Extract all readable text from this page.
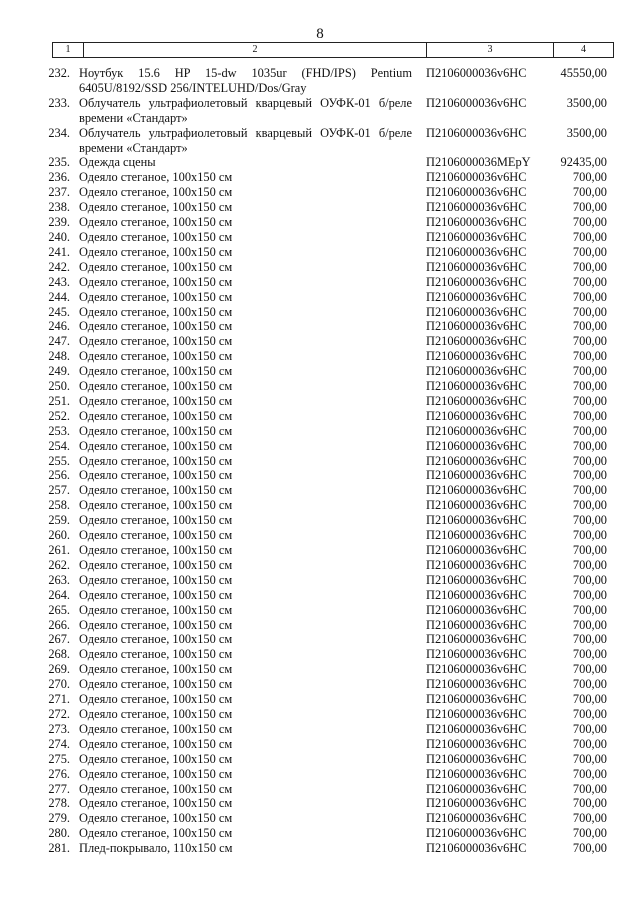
8
1	2	3	4
232. Ноутбук 15.6 HP 15-dw 1035ur (FHD/IPS) Pentium 6405U/8192/SSD 256/INTELUHD/Dos/Gray
П2106000036v6HC	45550,00
233. Облучатель ультрафиолетовый кварцевый ОУФК-01 б/реле времени «Стандарт»
П2106000036v6HC	3500,00
234. Облучатель ультрафиолетовый кварцевый ОУФК-01 б/реле времени «Стандарт»
П2106000036v6HC	3500,00
235. Одежда сцены	П2106000036МЕрY	92435,00
236. Одеяло стеганое, 100x150 см	П2106000036v6HC	700,00
237. Одеяло стеганое, 100x150 см	П2106000036v6HC	700,00
238. Одеяло стеганое, 100x150 см	П2106000036v6HC	700,00
239. Одеяло стеганое, 100x150 см	П2106000036v6HC	700,00
240. Одеяло стеганое, 100x150 см	П2106000036v6HC	700,00
241. Одеяло стеганое, 100x150 см	П2106000036v6HC	700,00
242. Одеяло стеганое, 100x150 см	П2106000036v6HC	700,00
243. Одеяло стеганое, 100x150 см	П2106000036v6HC	700,00
244. Одеяло стеганое, 100x150 см	П2106000036v6HC	700,00
245. Одеяло стеганое, 100x150 см	П2106000036v6HC	700,00
246. Одеяло стеганое, 100x150 см	П2106000036v6HC	700,00
247. Одеяло стеганое, 100x150 см	П2106000036v6HC	700,00
248. Одеяло стеганое, 100x150 см	П2106000036v6HC	700,00
249. Одеяло стеганое, 100x150 см	П2106000036v6HC	700,00
250. Одеяло стеганое, 100x150 см	П2106000036v6HC	700,00
251. Одеяло стеганое, 100x150 см	П2106000036v6HC	700,00
252. Одеяло стеганое, 100x150 см	П2106000036v6HC	700,00
253. Одеяло стеганое, 100x150 см	П2106000036v6HC	700,00
254. Одеяло стеганое, 100x150 см	П2106000036v6HC	700,00
255. Одеяло стеганое, 100x150 см	П2106000036v6HC	700,00
256. Одеяло стеганое, 100x150 см	П2106000036v6HC	700,00
257. Одеяло стеганое, 100x150 см	П2106000036v6HC	700,00
258. Одеяло стеганое, 100x150 см	П2106000036v6HC	700,00
259. Одеяло стеганое, 100x150 см	П2106000036v6HC	700,00
260. Одеяло стеганое, 100x150 см	П2106000036v6HC	700,00
261. Одеяло стеганое, 100x150 см	П2106000036v6HC	700,00
262. Одеяло стеганое, 100x150 см	П2106000036v6HC	700,00
263. Одеяло стеганое, 100x150 см	П2106000036v6HC	700,00
264. Одеяло стеганое, 100x150 см	П2106000036v6HC	700,00
265. Одеяло стеганое, 100x150 см	П2106000036v6HC	700,00
266. Одеяло стеганое, 100x150 см	П2106000036v6HC	700,00
267. Одеяло стеганое, 100x150 см	П2106000036v6HC	700,00
268. Одеяло стеганое, 100x150 см	П2106000036v6HC	700,00
269. Одеяло стеганое, 100x150 см	П2106000036v6HC	700,00
270. Одеяло стеганое, 100x150 см	П2106000036v6HC	700,00
271. Одеяло стеганое, 100x150 см	П2106000036v6HC	700,00
272. Одеяло стеганое, 100x150 см	П2106000036v6HC	700,00
273. Одеяло стеганое, 100x150 см	П2106000036v6HC	700,00
274. Одеяло стеганое, 100x150 см	П2106000036v6HC	700,00
275. Одеяло стеганое, 100x150 см	П2106000036v6HC	700,00
276. Одеяло стеганое, 100x150 см	П2106000036v6HC	700,00
277. Одеяло стеганое, 100x150 см	П2106000036v6HC	700,00
278. Одеяло стеганое, 100x150 см	П2106000036v6HC	700,00
279. Одеяло стеганое, 100x150 см	П2106000036v6HC	700,00
280. Одеяло стеганое, 100x150 см	П2106000036v6HC	700,00
281. Плед-покрывало, 110x150 см	П2106000036v6HC	700,00
